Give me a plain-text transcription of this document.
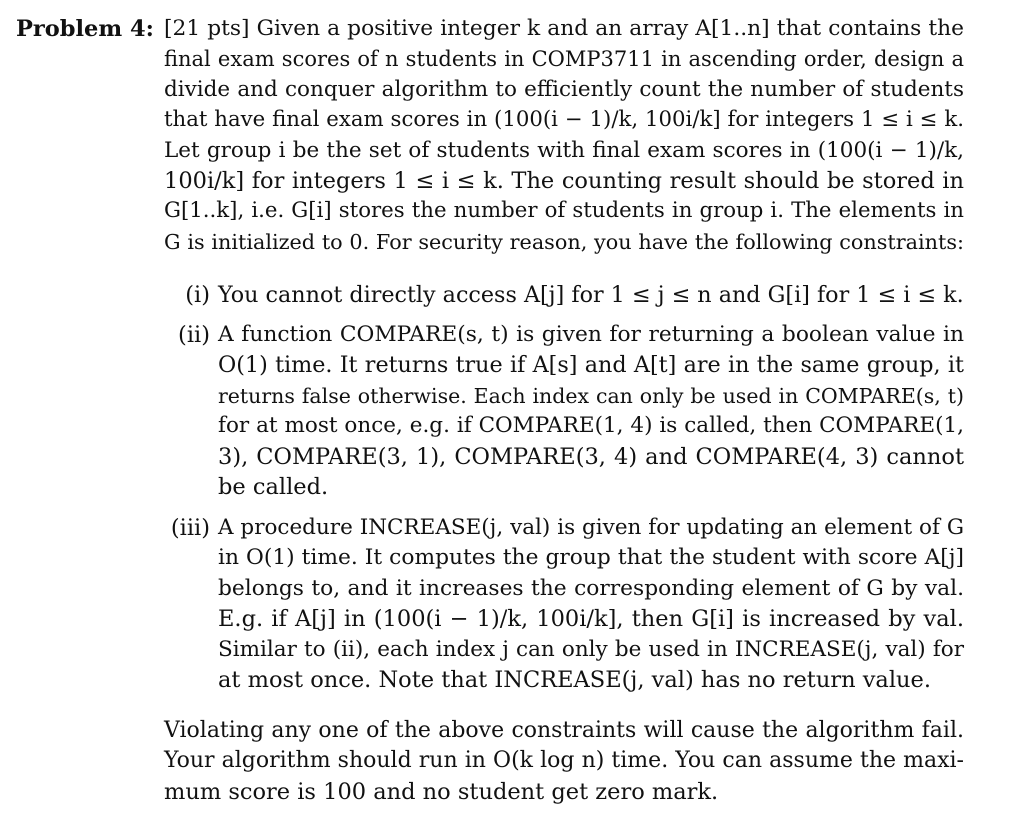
Problem 4: [21 pts] Given a positive integer k and an array A[1..n] that contains the
final exam scores of n students in COMP3711 in ascending order, design a
divide and conquer algorithm to efficiently count the number of students
that have final exam scores in (100(i − 1)/k, 100i/k] for integers 1 ≤ i ≤ k.
Let group i be the set of students with final exam scores in (100(i − 1)/k,
100i/k] for integers 1 ≤ i ≤ k. The counting result should be stored in
G[1..k], i.e. G[i] stores the number of students in group i. The elements in
G is initialized to 0. For security reason, you have the following constraints:
(i) You cannot directly access A[j] for 1 ≤ j ≤ n and G[i] for 1 ≤ i ≤ k.
(ii) A function COMPARE(s, t) is given for returning a boolean value in
O(1) time. It returns true if A[s] and A[t] are in the same group, it
returns false otherwise. Each index can only be used in COMPARE(s, t)
for at most once, e.g. if COMPARE(1, 4) is called, then COMPARE(1,
3), COMPARE(3, 1), COMPARE(3, 4) and COMPARE(4, 3) cannot
be called.
(iii) A procedure INCREASE(j, val) is given for updating an element of G
in O(1) time. It computes the group that the student with score A[j]
belongs to, and it increases the corresponding element of G by val.
E.g. if A[j] in (100(i − 1)/k, 100i/k], then G[i] is increased by val.
Similar to (ii), each index j can only be used in INCREASE(j, val) for
at most once. Note that INCREASE(j, val) has no return value.
Violating any one of the above constraints will cause the algorithm fail.
Your algorithm should run in O(k log n) time. You can assume the maxi-
mum score is 100 and no student get zero mark.
